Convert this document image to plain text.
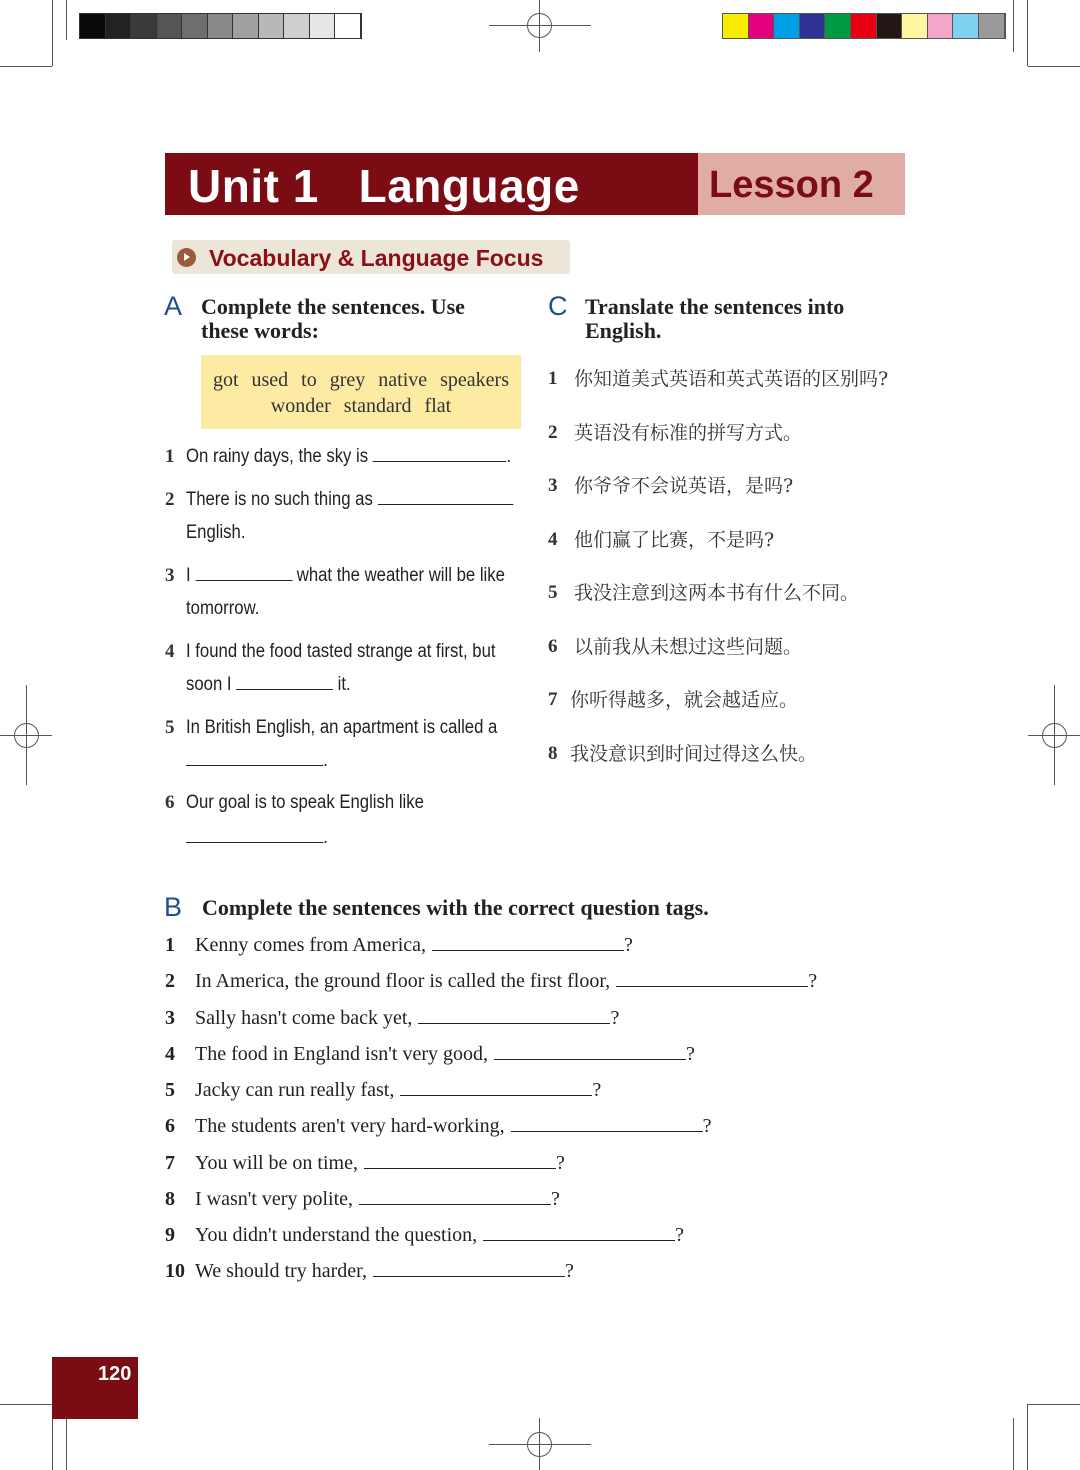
Unit 1   Language	Lesson 2
Vocabulary & Language Focus
A Complete the sentences. Use
these words:
got used to grey native speakers
wonder standard flat
1 On rainy days, the sky is	.
2 There is no such thing as
English.
3 I	what the weather will be like
tomorrow.
4 I found the food tasted strange at first, but
soon I	it.
5 In British English, an apartment is called a
.
6 Our goal is to speak English like
.
C Translate the sentences into
English.
1 你知道美式英语和英式英语的区别吗?
2 英语没有标准的拼写方式。
3 你爷爷不会说英语，是吗?
4 他们赢了比赛，不是吗?
5 我没注意到这两本书有什么不同。
6 以前我从未想过这些问题。
7 你听得越多，就会越适应。
8 我没意识到时间过得这么快。
B Complete the sentences with the correct question tags.
1 Kenny comes from America,	?
2 In America, the ground floor is called the first floor,	?
3 Sally hasn't come back yet,	?
4 The food in England isn't very good,	?
5 Jacky can run really fast,	?
6 The students aren't very hard-working,	?
7 You will be on time,	?
8 I wasn't very polite,	?
9 You didn't understand the question,	?
10 We should try harder,	?
120
